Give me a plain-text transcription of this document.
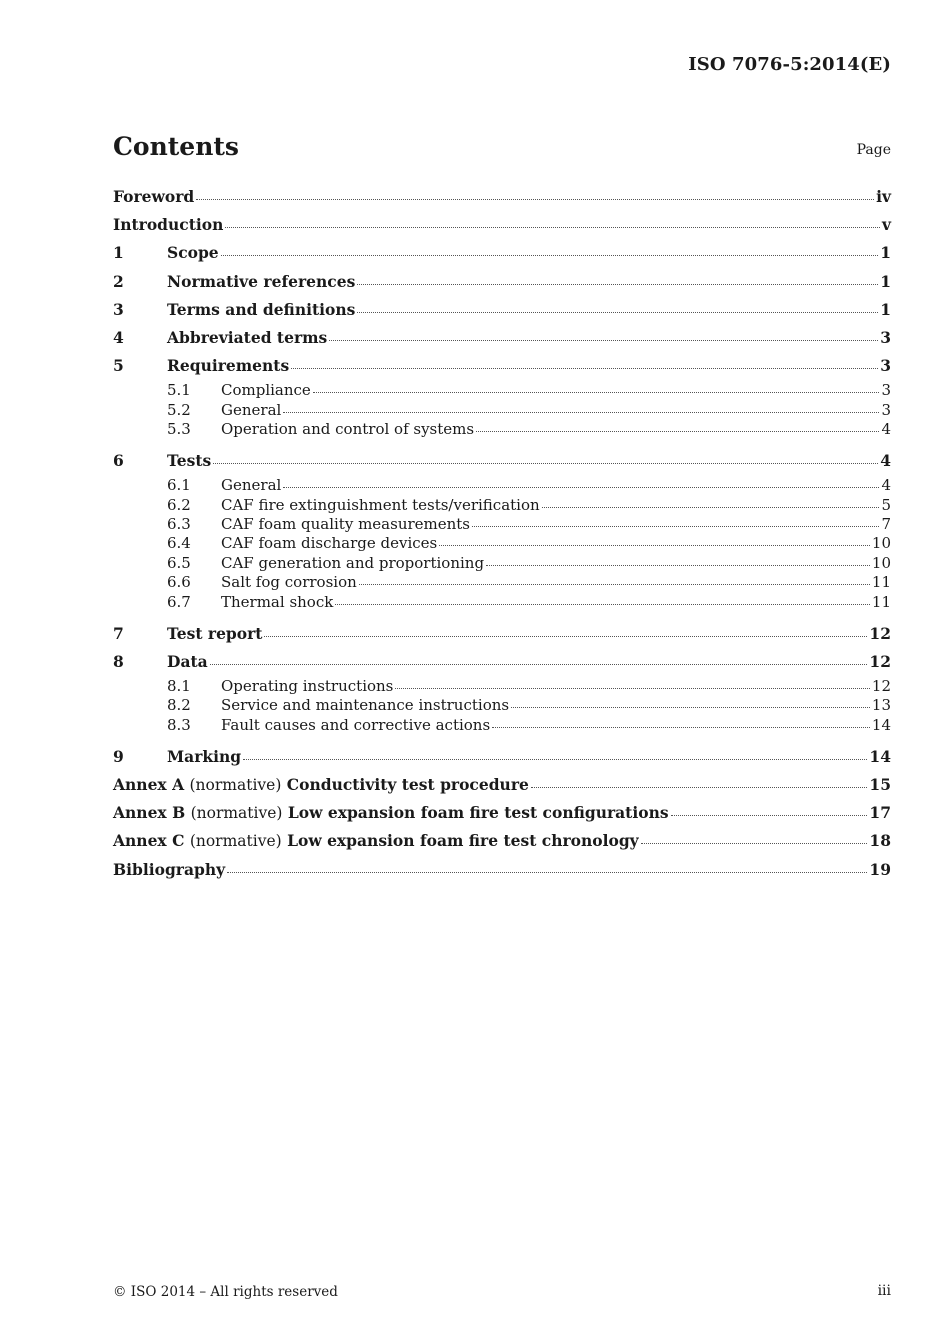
ISO 7076-5:2014(E)
Contents	Page
Foreword	iv
Introduction	v
1	Scope	1
2	Normative references	1
3	Terms and definitions	1
4	Abbreviated terms	3
5	Requirements	3
5.1	Compliance	3
5.2	General	3
5.3	Operation and control of systems	4
6	Tests	4
6.1	General	4
6.2	CAF fire extinguishment tests/verification	5
6.3	CAF foam quality measurements	7
6.4	CAF foam discharge devices	10
6.5	CAF generation and proportioning	10
6.6	Salt fog corrosion	11
6.7	Thermal shock	11
7	Test report	12
8	Data	12
8.1	Operating instructions	12
8.2	Service and maintenance instructions	13
8.3	Fault causes and corrective actions	14
9	Marking	14
Annex A (normative) Conductivity test procedure	15
Annex B (normative) Low expansion foam fire test configurations	17
Annex C (normative) Low expansion foam fire test chronology	18
Bibliography	19
© ISO 2014 – All rights reserved	iii
